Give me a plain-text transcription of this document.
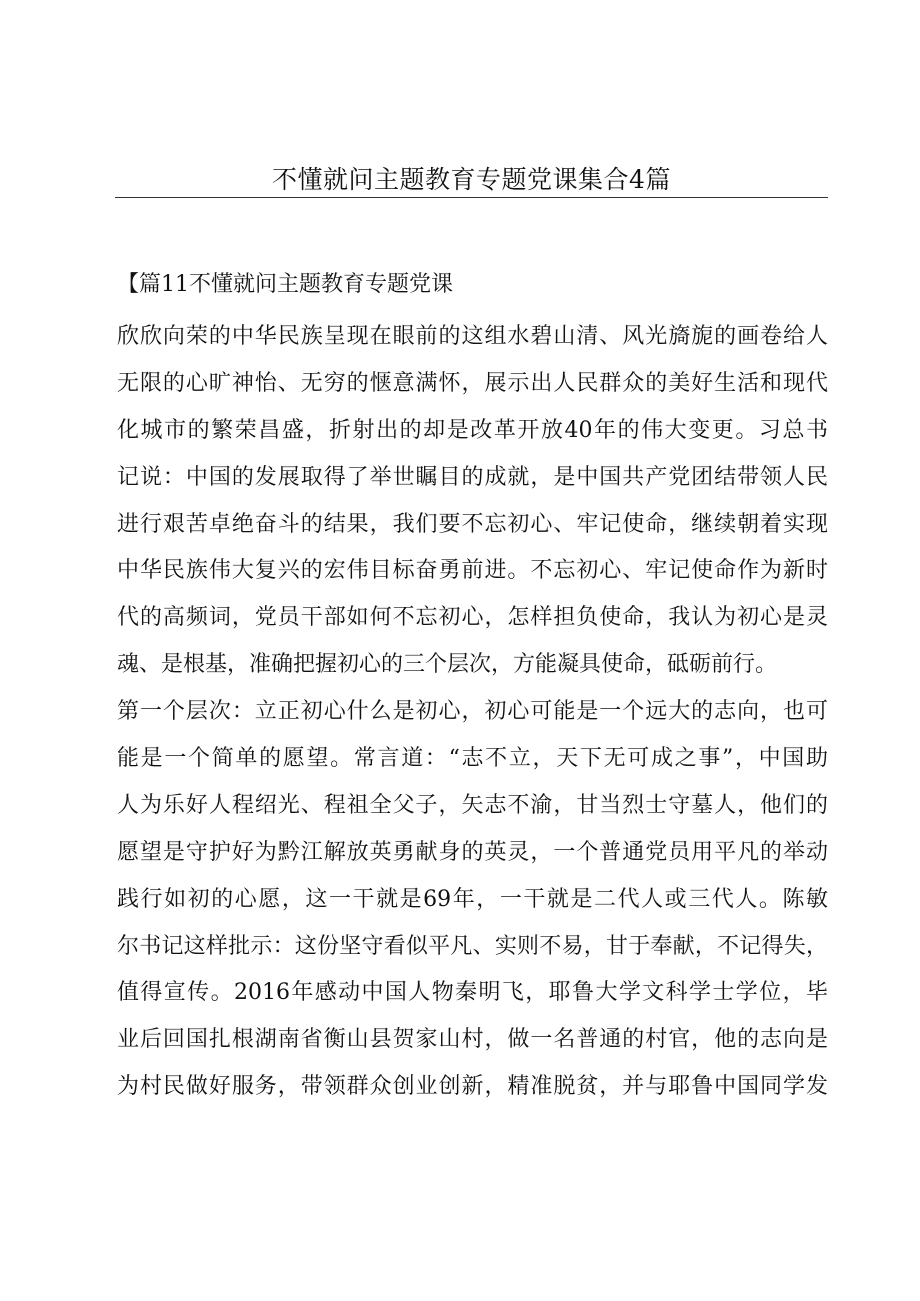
不懂就问主题教育专题党课集合4篇
【篇11不懂就问主题教育专题党课
欣欣向荣的中华民族呈现在眼前的这组水碧山清、风光旖旎的画卷给人
无限的心旷神怡、无穷的惬意满怀，展示出人民群众的美好生活和现代
化城市的繁荣昌盛，折射出的却是改革开放40年的伟大变更。习总书
记说：中国的发展取得了举世瞩目的成就，是中国共产党团结带领人民
进行艰苦卓绝奋斗的结果，我们要不忘初心、牢记使命，继续朝着实现
中华民族伟大复兴的宏伟目标奋勇前进。不忘初心、牢记使命作为新时
代的高频词，党员干部如何不忘初心，怎样担负使命，我认为初心是灵
魂、是根基，准确把握初心的三个层次，方能凝具使命，砥砺前行。
第一个层次：立正初心什么是初心，初心可能是一个远大的志向，也可
能是一个简单的愿望。常言道：“志不立，天下无可成之事”，中国助
人为乐好人程绍光、程祖全父子，矢志不渝，甘当烈士守墓人，他们的
愿望是守护好为黔江解放英勇献身的英灵，一个普通党员用平凡的举动
践行如初的心愿，这一干就是69年，一干就是二代人或三代人。陈敏
尔书记这样批示：这份坚守看似平凡、实则不易，甘于奉献，不记得失，
值得宣传。2016年感动中国人物秦明飞，耶鲁大学文科学士学位，毕
业后回国扎根湖南省衡山县贺家山村，做一名普通的村官，他的志向是
为村民做好服务，带领群众创业创新，精准脱贫，并与耶鲁中国同学发
